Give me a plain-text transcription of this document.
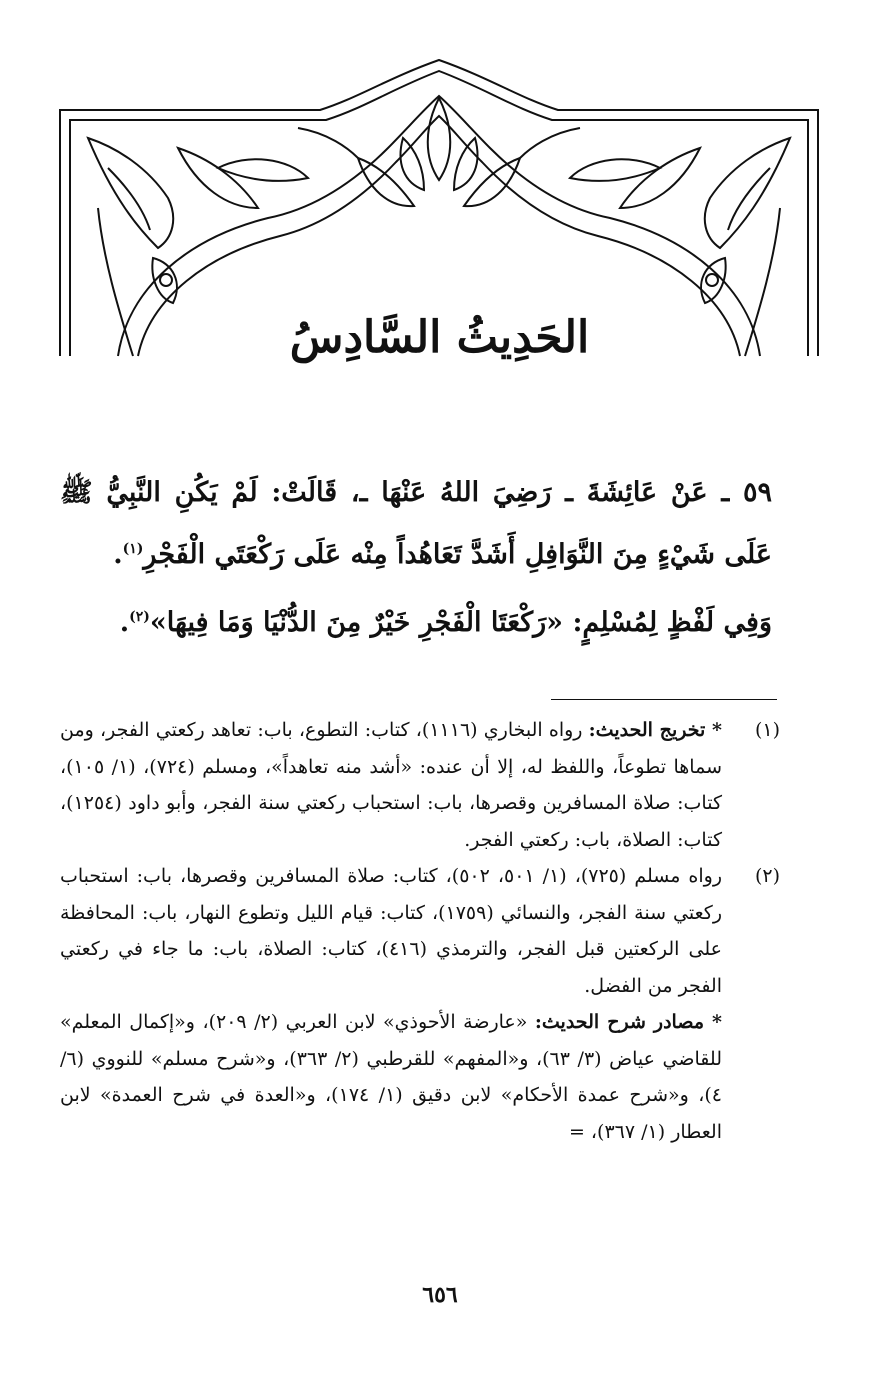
الحَدِيثُ السَّادِسُ

٥٩ ـ عَنْ عَائِشَةَ ـ رَضِيَ اللهُ عَنْهَا ـ، قَالَتْ: لَمْ يَكُنِ النَّبِيُّ ﷺ عَلَى شَيْءٍ مِنَ النَّوَافِلِ أَشَدَّ تَعَاهُداً مِنْه عَلَى رَكْعَتَي الْفَجْرِ$^{(١)}$.

وَفِي لَفْظٍ لِمُسْلِمٍ: «رَكْعَتَا الْفَجْرِ خَيْرٌ مِنَ الدُّنْيَا وَمَا فِيهَا»$^{(٢)}$.

(١)

* تخريج الحديث: رواه البخاري (١١١٦)، كتاب: التطوع، باب: تعاهد ركعتي الفجر، ومن سماها تطوعاً، واللفظ له، إلا أن عنده: «أشد منه تعاهداً»، ومسلم (٧٢٤)، (١/ ١٠٥)، كتاب: صلاة المسافرين وقصرها، باب: استحباب ركعتي سنة الفجر، وأبو داود (١٢٥٤)، كتاب: الصلاة، باب: ركعتي الفجر.

(٢)

رواه مسلم (٧٢٥)، (١/ ٥٠١، ٥٠٢)، كتاب: صلاة المسافرين وقصرها، باب: استحباب ركعتي سنة الفجر، والنسائي (١٧٥٩)، كتاب: قيام الليل وتطوع النهار، باب: المحافظة على الركعتين قبل الفجر، والترمذي (٤١٦)، كتاب: الصلاة، باب: ما جاء في ركعتي الفجر من الفضل.

* مصادر شرح الحديث: «عارضة الأحوذي» لابن العربي (٢/ ٢٠٩)، و«إكمال المعلم» للقاضي عياض (٣/ ٦٣)، و«المفهم» للقرطبي (٢/ ٣٦٣)، و«شرح مسلم» للنووي (٦/ ٤)، و«شرح عمدة الأحكام» لابن دقيق (١/ ١٧٤)، و«العدة في شرح العمدة» لابن العطار (١/ ٣٦٧)، =

٦٥٦
